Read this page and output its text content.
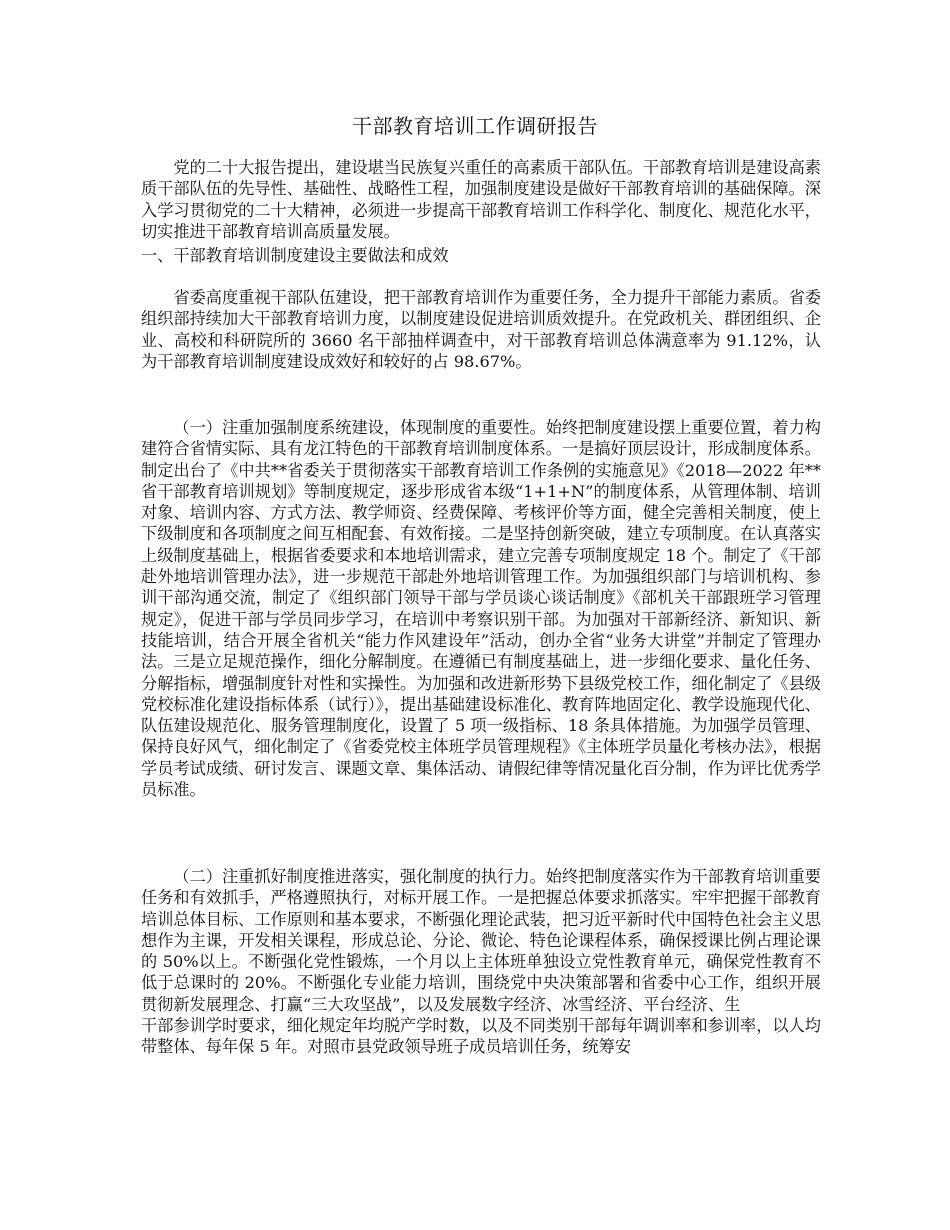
干部教育培训工作调研报告
党的二十大报告提出，建设堪当民族复兴重任的高素质干部队伍。干部教育培训是建设高素质干部队伍的先导性、基础性、战略性工程，加强制度建设是做好干部教育培训的基础保障。深入学习贯彻党的二十大精神，必须进一步提高干部教育培训工作科学化、制度化、规范化水平，切实推进干部教育培训高质量发展。
一、干部教育培训制度建设主要做法和成效
省委高度重视干部队伍建设，把干部教育培训作为重要任务，全力提升干部能力素质。省委组织部持续加大干部教育培训力度，以制度建设促进培训质效提升。在党政机关、群团组织、企业、高校和科研院所的 3660 名干部抽样调查中，对干部教育培训总体满意率为 91.12%，认为干部教育培训制度建设成效好和较好的占 98.67%。
（一）注重加强制度系统建设，体现制度的重要性。始终把制度建设摆上重要位置，着力构建符合省情实际、具有龙江特色的干部教育培训制度体系。一是搞好顶层设计，形成制度体系。制定出台了《中共**省委关于贯彻落实干部教育培训工作条例的实施意见》《2018—2022 年**省干部教育培训规划》等制度规定，逐步形成省本级“1+1+N”的制度体系，从管理体制、培训对象、培训内容、方式方法、教学师资、经费保障、考核评价等方面，健全完善相关制度，使上下级制度和各项制度之间互相配套、有效衔接。二是坚持创新突破，建立专项制度。在认真落实上级制度基础上，根据省委要求和本地培训需求，建立完善专项制度规定 18 个。制定了《干部赴外地培训管理办法》，进一步规范干部赴外地培训管理工作。为加强组织部门与培训机构、参训干部沟通交流，制定了《组织部门领导干部与学员谈心谈话制度》《部机关干部跟班学习管理规定》，促进干部与学员同步学习，在培训中考察识别干部。为加强对干部新经济、新知识、新技能培训，结合开展全省机关“能力作风建设年”活动，创办全省“业务大讲堂”并制定了管理办法。三是立足规范操作，细化分解制度。在遵循已有制度基础上，进一步细化要求、量化任务、分解指标，增强制度针对性和实操性。为加强和改进新形势下县级党校工作，细化制定了《县级党校标准化建设指标体系（试行）》，提出基础建设标准化、教育阵地固定化、教学设施现代化、队伍建设规范化、服务管理制度化，设置了 5 项一级指标、18 条具体措施。为加强学员管理、保持良好风气，细化制定了《省委党校主体班学员管理规程》《主体班学员量化考核办法》，根据学员考试成绩、研讨发言、课题文章、集体活动、请假纪律等情况量化百分制，作为评比优秀学员标准。
（二）注重抓好制度推进落实，强化制度的执行力。始终把制度落实作为干部教育培训重要任务和有效抓手，严格遵照执行，对标开展工作。一是把握总体要求抓落实。牢牢把握干部教育培训总体目标、工作原则和基本要求，不断强化理论武装，把习近平新时代中国特色社会主义思想作为主课，开发相关课程，形成总论、分论、微论、特色论课程体系，确保授课比例占理论课的 50%以上。不断强化党性锻炼，一个月以上主体班单独设立党性教育单元，确保党性教育不低于总课时的 20%。不断强化专业能力培训，围绕党中央决策部署和省委中心工作，组织开展贯彻新发展理念、打赢“三大攻坚战”，以及发展数字经济、冰雪经济、平台经济、生
干部参训学时要求，细化规定年均脱产学时数，以及不同类别干部每年调训率和参训率，以人均带整体、每年保 5 年。对照市县党政领导班子成员培训任务，统筹安
